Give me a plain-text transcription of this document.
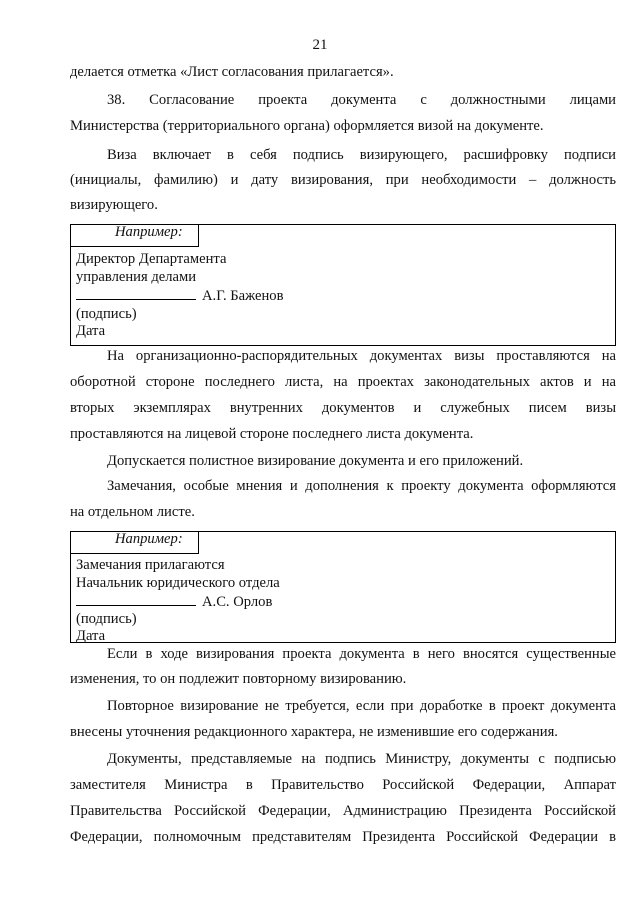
21

делается отметка «Лист согласования прилагается».

38. Согласование проекта документа с должностными лицами

Министерства (территориального органа) оформляется визой на документе.

Виза включает в себя подпись визирующего, расшифровку подписи

(инициалы, фамилию) и дату визирования, при необходимости – должность

визирующего.

Например:
Директор Департамента
управления делами
А.Г. Баженов
(подпись)
Дата

На организационно-распорядительных документах визы проставляются на

оборотной стороне последнего листа, на проектах законодательных актов и на

вторых экземплярах внутренних документов и служебных писем визы

проставляются на лицевой стороне последнего листа документа.

Допускается полистное визирование документа и его приложений.

Замечания, особые мнения и дополнения к проекту документа оформляются

на отдельном листе.

Например:
Замечания прилагаются
Начальник юридического отдела
А.С. Орлов
(подпись)
Дата

Если в ходе визирования проекта документа в него вносятся существенные

изменения, то он подлежит повторному визированию.

Повторное визирование не требуется, если при доработке в проект документа

внесены уточнения редакционного характера, не изменившие его содержания.

Документы, представляемые на подпись Министру, документы с подписью

заместителя Министра в Правительство Российской Федерации, Аппарат

Правительства Российской Федерации, Администрацию Президента Российской

Федерации, полномочным представителям Президента Российской Федерации в
